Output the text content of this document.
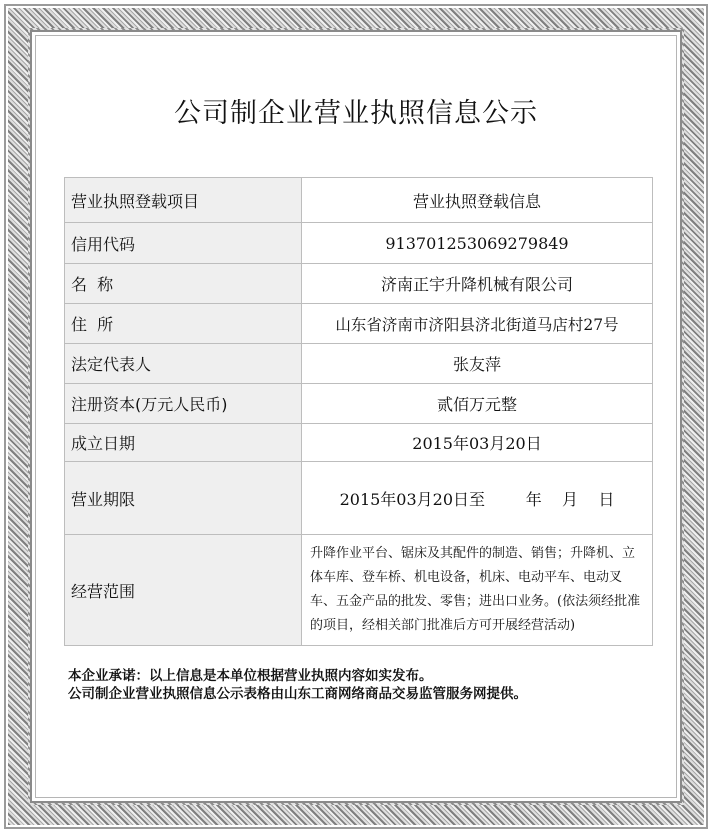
公司制企业营业执照信息公示
营业执照登载项目	营业执照登载信息
信用代码	913701253069279849
名  称	济南正宇升降机械有限公司
住  所	山东省济南市济阳县济北街道马店村27号
法定代表人	张友萍
注册资本(万元人民币)	贰佰万元整
成立日期	2015年03月20日
营业期限	2015年03月20日至        年    月    日
经营范围	升降作业平台、锯床及其配件的制造、销售；升降机、立体车库、登车桥、机电设备，机床、电动平车、电动叉车、五金产品的批发、零售；进出口业务。(依法须经批准的项目，经相关部门批准后方可开展经营活动)
本企业承诺：以上信息是本单位根据营业执照内容如实发布。
公司制企业营业执照信息公示表格由山东工商网络商品交易监管服务网提供。
